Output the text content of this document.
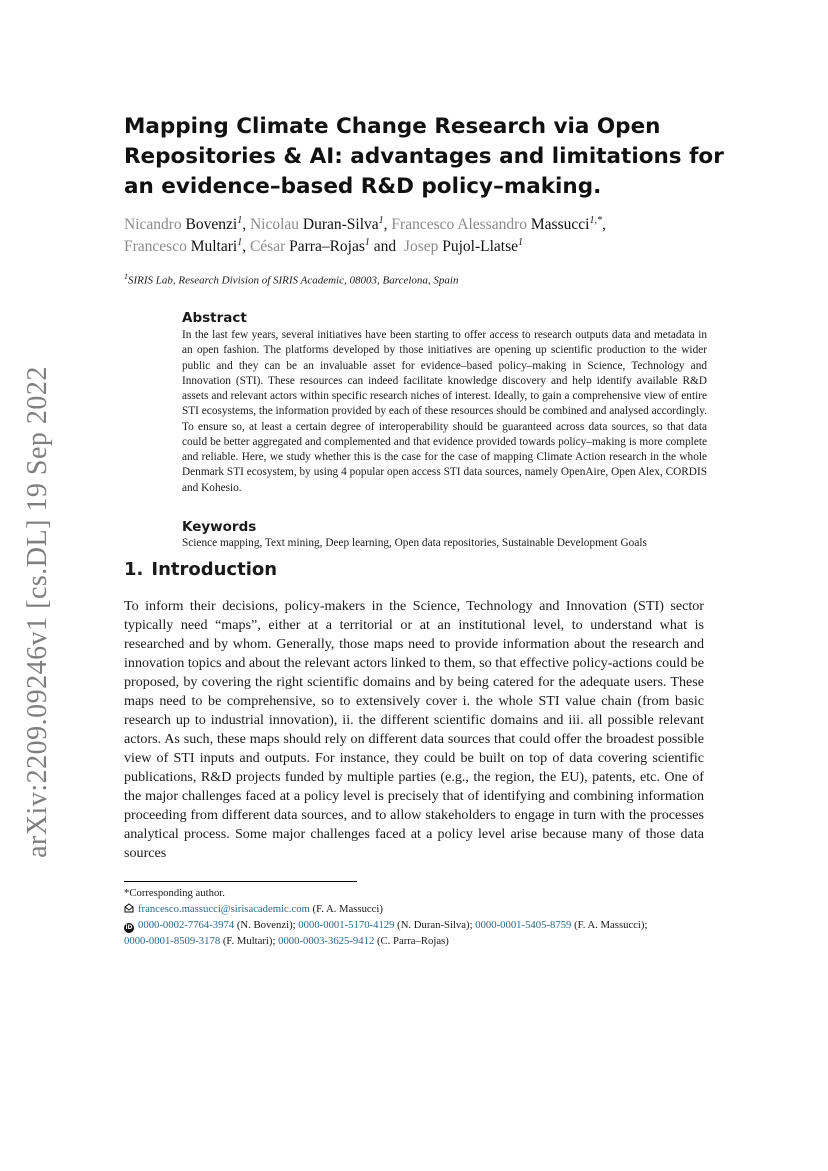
arXiv:2209.09246v1 [cs.DL] 19 Sep 2022
Mapping Climate Change Research via Open Repositories & AI: advantages and limitations for an evidence–based R&D policy–making.
Nicandro Bovenzi$^1$, Nicolau Duran-Silva$^1$, Francesco Alessandro Massucci$^{1,*}$,
Francesco Multari$^1$, César Parra–Rojas$^1$ and  Josep Pujol-Llatse$^1$
$^1$SIRIS Lab, Research Division of SIRIS Academic, 08003, Barcelona, Spain
Abstract

In the last few years, several initiatives have been starting to offer access to research outputs data and metadata in an open fashion. The platforms developed by those initiatives are opening up scientific production to the wider public and they can be an invaluable asset for evidence–based policy–making in Science, Technology and Innovation (STI). These resources can indeed facilitate knowledge discovery and help identify available R&D assets and relevant actors within specific research niches of interest. Ideally, to gain a comprehensive view of entire STI ecosystems, the information provided by each of these resources should be combined and analysed accordingly. To ensure so, at least a certain degree of interoperability should be guaranteed across data sources, so that data could be better aggregated and complemented and that evidence provided towards policy–making is more complete and reliable. Here, we study whether this is the case for the case of mapping Climate Action research in the whole Denmark STI ecosystem, by using 4 popular open access STI data sources, namely OpenAire, Open Alex, CORDIS and Kohesio.

Keywords

Science mapping, Text mining, Deep learning, Open data repositories, Sustainable Development Goals

1. Introduction

To inform their decisions, policy-makers in the Science, Technology and Innovation (STI) sector typically need “maps”, either at a territorial or at an institutional level, to understand what is researched and by whom. Generally, those maps need to provide information about the research and innovation topics and about the relevant actors linked to them, so that effective policy-actions could be proposed, by covering the right scientific domains and by being catered for the adequate users. These maps need to be comprehensive, so to extensively cover i. the whole STI value chain (from basic research up to industrial innovation), ii. the different scientific domains and iii. all possible relevant actors. As such, these maps should rely on different data sources that could offer the broadest possible view of STI inputs and outputs. For instance, they could be built on top of data covering scientific publications, R&D projects funded by multiple parties (e.g., the region, the EU), patents, etc. One of the major challenges faced at a policy level is precisely that of identifying and combining information proceeding from different data sources, and to allow stakeholders to engage in turn with the processes analytical process. Some major challenges faced at a policy level arise because many of those data sources

*Corresponding author.

francesco.massucci@sirisacademic.com (F. A. Massucci)

iD 0000-0002-7764-3974 (N. Bovenzi); 0000-0001-5170-4129 (N. Duran-Silva); 0000-0001-5405-8759 (F. A. Massucci);

0000-0001-8509-3178 (F. Multari); 0000-0003-3625-9412 (C. Parra–Rojas)
